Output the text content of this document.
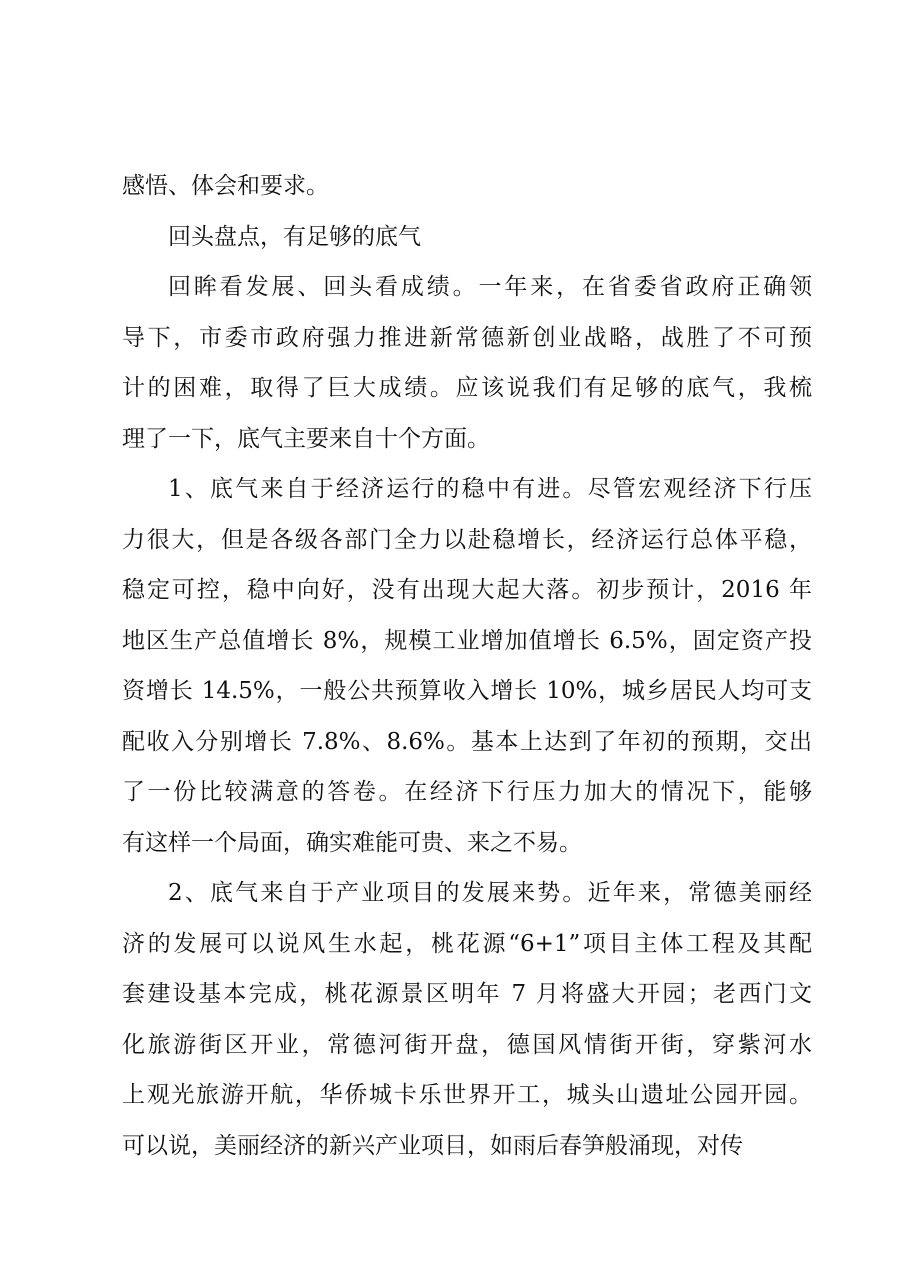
感悟、体会和要求。
回头盘点，有足够的底气
回眸看发展、回头看成绩。一年来，在省委省政府正确领
导下，市委市政府强力推进新常德新创业战略，战胜了不可预
计的困难，取得了巨大成绩。应该说我们有足够的底气，我梳
理了一下，底气主要来自十个方面。
1、底气来自于经济运行的稳中有进。尽管宏观经济下行压
力很大，但是各级各部门全力以赴稳增长，经济运行总体平稳，
稳定可控，稳中向好，没有出现大起大落。初步预计，2016 年
地区生产总值增长 8%，规模工业增加值增长 6.5%，固定资产投
资增长 14.5%，一般公共预算收入增长 10%，城乡居民人均可支
配收入分别增长 7.8%、8.6%。基本上达到了年初的预期，交出
了一份比较满意的答卷。在经济下行压力加大的情况下，能够
有这样一个局面，确实难能可贵、来之不易。
2、底气来自于产业项目的发展来势。近年来，常德美丽经
济的发展可以说风生水起，桃花源“6+1”项目主体工程及其配
套建设基本完成，桃花源景区明年 7 月将盛大开园；老西门文
化旅游街区开业，常德河街开盘，德国风情街开街，穿紫河水
上观光旅游开航，华侨城卡乐世界开工，城头山遗址公园开园。
可以说，美丽经济的新兴产业项目，如雨后春笋般涌现，对传
